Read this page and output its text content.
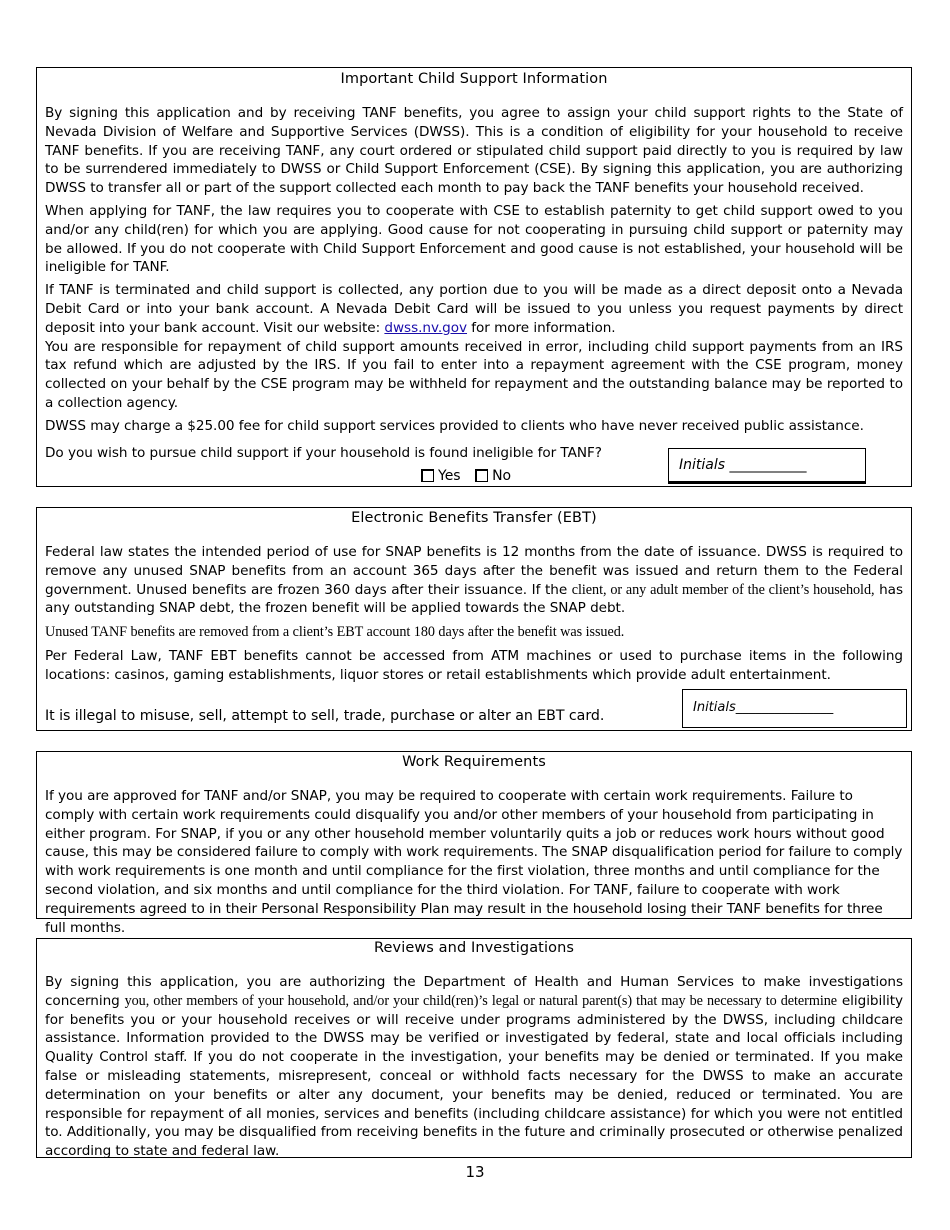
Important Child Support Information

By signing this application and by receiving TANF benefits, you agree to assign your child support rights to the State of Nevada Division of Welfare and Supportive Services (DWSS). This is a condition of eligibility for your household to receive TANF benefits. If you are receiving TANF, any court ordered or stipulated child support paid directly to you is required by law to be surrendered immediately to DWSS or Child Support Enforcement (CSE). By signing this application, you are authorizing DWSS to transfer all or part of the support collected each month to pay back the TANF benefits your household received.

When applying for TANF, the law requires you to cooperate with CSE to establish paternity to get child support owed to you and/or any child(ren) for which you are applying. Good cause for not cooperating in pursuing child support or paternity may be allowed. If you do not cooperate with Child Support Enforcement and good cause is not established, your household will be ineligible for TANF.

If TANF is terminated and child support is collected, any portion due to you will be made as a direct deposit onto a Nevada Debit Card or into your bank account. A Nevada Debit Card will be issued to you unless you request payments by direct deposit into your bank account. Visit our website: dwss.nv.gov for more information.

You are responsible for repayment of child support amounts received in error, including child support payments from an IRS tax refund which are adjusted by the IRS. If you fail to enter into a repayment agreement with the CSE program, money collected on your behalf by the CSE program may be withheld for repayment and the outstanding balance may be reported to a collection agency.

DWSS may charge a $25.00 fee for child support services provided to clients who have never received public assistance.

Do you wish to pursue child support if your household is found ineligible for TANF?

Yes No
Initials ___________
Electronic Benefits Transfer (EBT)

Federal law states the intended period of use for SNAP benefits is 12 months from the date of issuance. DWSS is required to remove any unused SNAP benefits from an account 365 days after the benefit was issued and return them to the Federal government. Unused benefits are frozen 360 days after their issuance. If the client, or any adult member of the client’s household, has any outstanding SNAP debt, the frozen benefit will be applied towards the SNAP debt.

Unused TANF benefits are removed from a client’s EBT account 180 days after the benefit was issued.

Per Federal Law, TANF EBT benefits cannot be accessed from ATM machines or used to purchase items in the following locations: casinos, gaming establishments, liquor stores or retail establishments which provide adult entertainment.

It is illegal to misuse, sell, attempt to sell, trade, purchase or alter an EBT card.

Initials_______________
Work Requirements

If you are approved for TANF and/or SNAP, you may be required to cooperate with certain work requirements. Failure to comply with certain work requirements could disqualify you and/or other members of your household from participating in either program. For SNAP, if you or any other household member voluntarily quits a job or reduces work hours without good cause, this may be considered failure to comply with work requirements. The SNAP disqualification period for failure to comply with work requirements is one month and until compliance for the first violation, three months and until compliance for the second violation, and six months and until compliance for the third violation. For TANF, failure to cooperate with work requirements agreed to in their Personal Responsibility Plan may result in the household losing their TANF benefits for three full months.

Reviews and Investigations

By signing this application, you are authorizing the Department of Health and Human Services to make investigations concerning you, other members of your household, and/or your child(ren)’s legal or natural parent(s) that may be necessary to determine eligibility for benefits you or your household receives or will receive under programs administered by the DWSS, including childcare assistance. Information provided to the DWSS may be verified or investigated by federal, state and local officials including Quality Control staff. If you do not cooperate in the investigation, your benefits may be denied or terminated. If you make false or misleading statements, misrepresent, conceal or withhold facts necessary for the DWSS to make an accurate determination on your benefits or alter any document, your benefits may be denied, reduced or terminated. You are responsible for repayment of all monies, services and benefits (including childcare assistance) for which you were not entitled to. Additionally, you may be disqualified from receiving benefits in the future and criminally prosecuted or otherwise penalized according to state and federal law.

13
